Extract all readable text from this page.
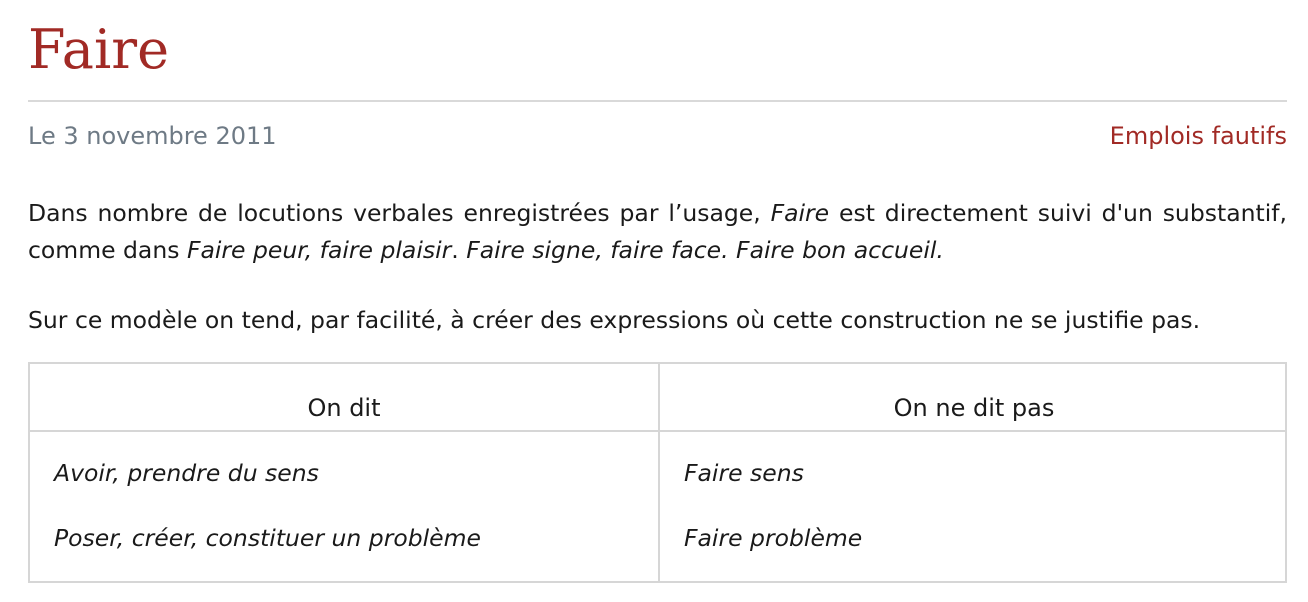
Faire
Le 3 novembre 2011	Emplois fautifs

Dans nombre de locutions verbales enregistrées par l’usage, Faire est directement suivi d'un substantif, comme dans Faire peur, faire plaisir. Faire signe, faire face. Faire bon accueil.

Sur ce modèle on tend, par facilité, à créer des expressions où cette construction ne se justifie pas.

On dit	On ne dit pas
Avoir, prendre du sens	Faire sens
Poser, créer, constituer un problème	Faire problème
